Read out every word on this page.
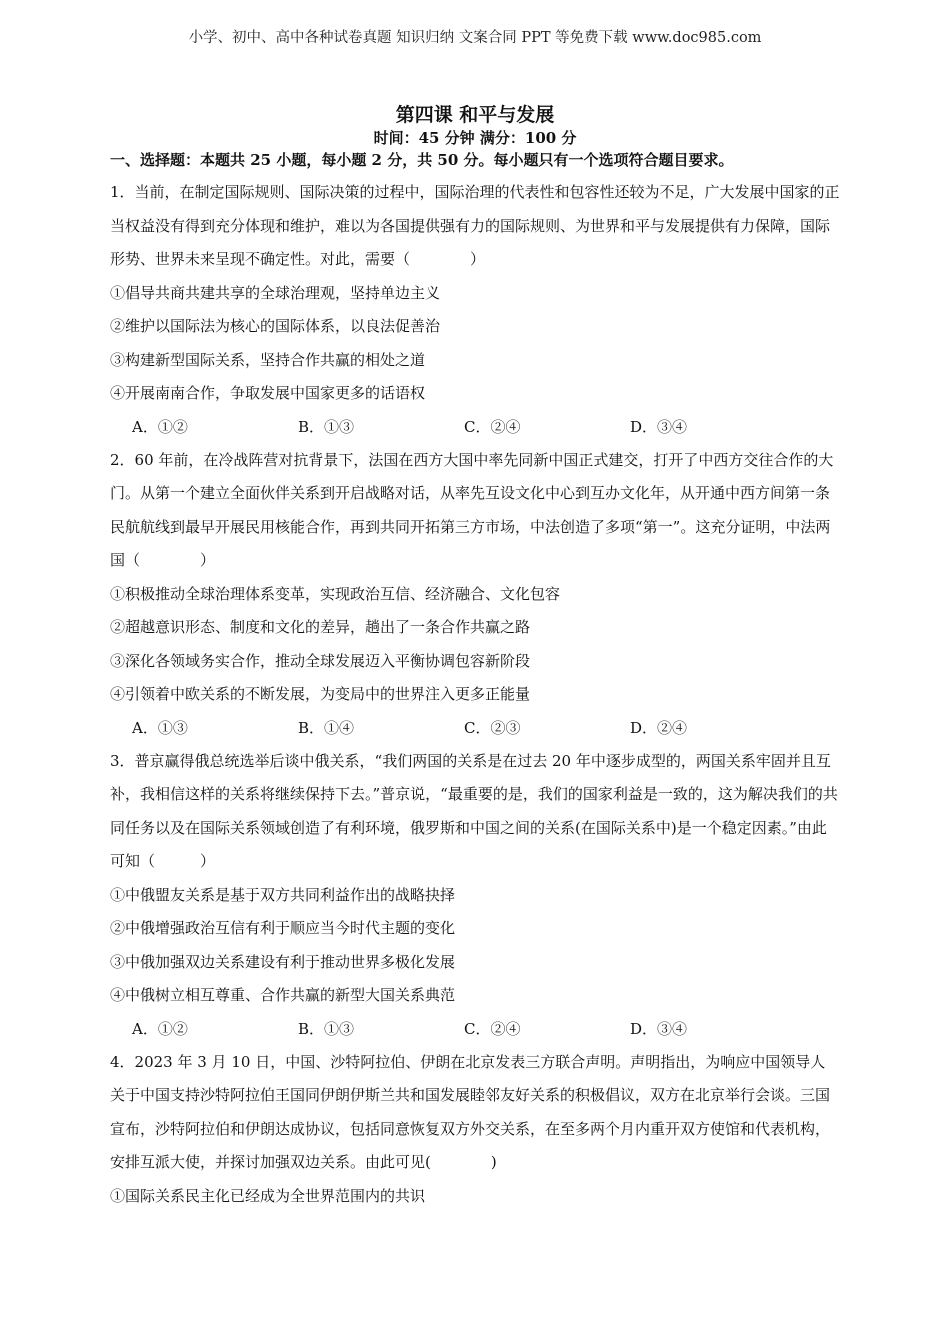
小学、初中、高中各种试卷真题 知识归纳 文案合同 PPT 等免费下载 www.doc985.com
第四课 和平与发展
时间：45 分钟 满分：100 分
一、选择题：本题共 25 小题，每小题 2 分，共 50 分。每小题只有一个选项符合题目要求。

1．当前，在制定国际规则、国际决策的过程中，国际治理的代表性和包容性还较为不足，广大发展中国家的正当权益没有得到充分体现和维护，难以为各国提供强有力的国际规则、为世界和平与发展提供有力保障，国际形势、世界未来呈现不确定性。对此，需要（　　　　）

①倡导共商共建共享的全球治理观，坚持单边主义

②维护以国际法为核心的国际体系，以良法促善治

③构建新型国际关系，坚持合作共赢的相处之道

④开展南南合作，争取发展中国家更多的话语权

A．①②	B．①③	C．②④	D．③④

2．60 年前，在冷战阵营对抗背景下，法国在西方大国中率先同新中国正式建交，打开了中西方交往合作的大门。从第一个建立全面伙伴关系到开启战略对话，从率先互设文化中心到互办文化年，从开通中西方间第一条民航航线到最早开展民用核能合作，再到共同开拓第三方市场，中法创造了多项“第一”。这充分证明，中法两国（　　　　）

①积极推动全球治理体系变革，实现政治互信、经济融合、文化包容

②超越意识形态、制度和文化的差异，趟出了一条合作共赢之路

③深化各领域务实合作，推动全球发展迈入平衡协调包容新阶段

④引领着中欧关系的不断发展，为变局中的世界注入更多正能量

A．①③	B．①④	C．②③	D．②④

3．普京赢得俄总统选举后谈中俄关系，“我们两国的关系是在过去 20 年中逐步成型的，两国关系牢固并且互补，我相信这样的关系将继续保持下去。”普京说，“最重要的是，我们的国家利益是一致的，这为解决我们的共同任务以及在国际关系领域创造了有利环境，俄罗斯和中国之间的关系(在国际关系中)是一个稳定因素。”由此可知（　　　）

①中俄盟友关系是基于双方共同利益作出的战略抉择

②中俄增强政治互信有利于顺应当今时代主题的变化

③中俄加强双边关系建设有利于推动世界多极化发展

④中俄树立相互尊重、合作共赢的新型大国关系典范

A．①②	B．①③	C．②④	D．③④

4．2023 年 3 月 10 日，中国、沙特阿拉伯、伊朗在北京发表三方联合声明。声明指出，为响应中国领导人关于中国支持沙特阿拉伯王国同伊朗伊斯兰共和国发展睦邻友好关系的积极倡议，双方在北京举行会谈。三国宣布，沙特阿拉伯和伊朗达成协议，包括同意恢复双方外交关系，在至多两个月内重开双方使馆和代表机构，安排互派大使，并探讨加强双边关系。由此可见(　　　　)

①国际关系民主化已经成为全世界范围内的共识
